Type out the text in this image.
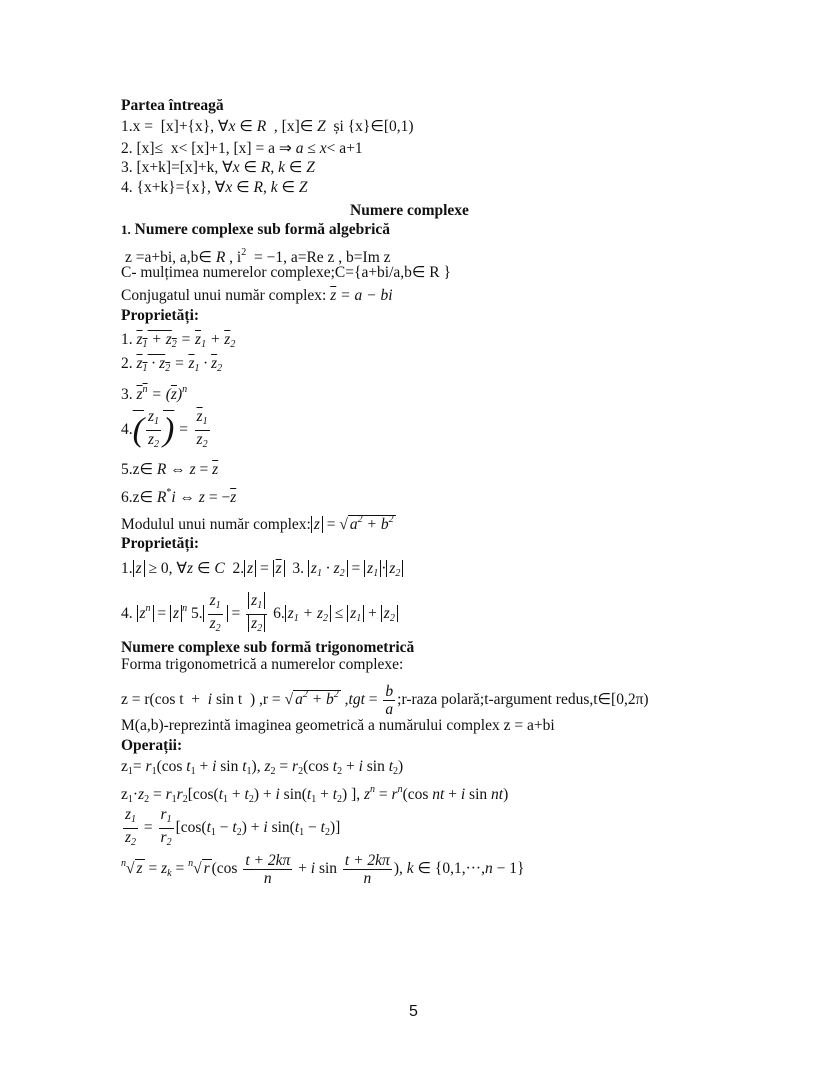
Partea întreagă
1.x =  [x]+{x}, ∀x ∈ R  , [x]∈ Z  și {x}∈[0,1)
2. [x]≤  x< [x]+1, [x] = a ⇒ a ≤ x< a+1
3. [x+k]=[x]+k, ∀x ∈ R, k ∈ Z
4. {x+k}={x}, ∀x ∈ R, k ∈ Z
Numere complexe
1. Numere complexe sub formă algebrică
z =a+bi, a,b∈ R , $i^2 = -1$, a=Re z , b=Im z
C- mulțimea numerelor complexe;C={a+bi/a,b∈ R }
Conjugatul unui număr complex: $\overline{z} = a$ − bi
Proprietăți:
1. $z_1 + z_2 = \overline{z}_1 + \overline{z}_2$
2. $z_1 \cdot z_2 = \overline{z}_1 \cdot \overline{z}_2$
3. $z^n = (\overline{z})^n$
$4.( \frac{z_1}{z_2}$ ) = $\frac{\overline{z}_1}{z_2}$
5.z∈ R ⇔ $z = \overline{z}$
6.z∈ R*i ⇔ $z = -\overline{z}$
Modulul unui număr complex: z = √ $a^2 + b^2$
Proprietăți:
1. z ≥ 0, ∀z ∈ C  2. $z = \overline{z}$  3. $z_1 \cdot z_2 = z_1 \cdot z_2$
4. $z^n = z$ $^n$ 5. $\frac{z_1}{z_2} = \frac{z_1}{z_2} 6$. $z_1 + z_2 \le z_1 + z_2$
Numere complexe sub formă trigonometrică
Forma trigonometrică a numerelor complexe:
z = r(cos t  +  i sin t  ) ,r = √ $a^2 + b^2$ $,tgt = \frac{b}{a}$ ;r-raza polară;t-argument redus,t∈[0,2π)
M(a,b)-reprezintă imaginea geometrică a numărului complex z = a+bi
Operații:
$z_1= r_1(\cos$ $t_1 + i$ $\sin t_1$), $z_2 = r_2(\cos$ $t_2 + i$ $\sin t_2$)
$z_1\cdot z_2 = r_1r_2[\cos(t_1 + t_2) + i$ $\sin(t_1 + t_2)$ ], $z^n = r^n(\cos$ nt + i sin nt)
$\frac{z_1}{z_2} = \frac{r_1}{r_2} [\cos(t_1 - t_2) + i$ $\sin(t_1 - t_2)$]
$^n$√ $z = z_k = ^n√$ r ($\cos \frac{t + 2k\pi}{n} + i$ $\sin \frac{t + 2k\pi}{n}$ ), k ∈ {0,1,···,n − 1}
5
